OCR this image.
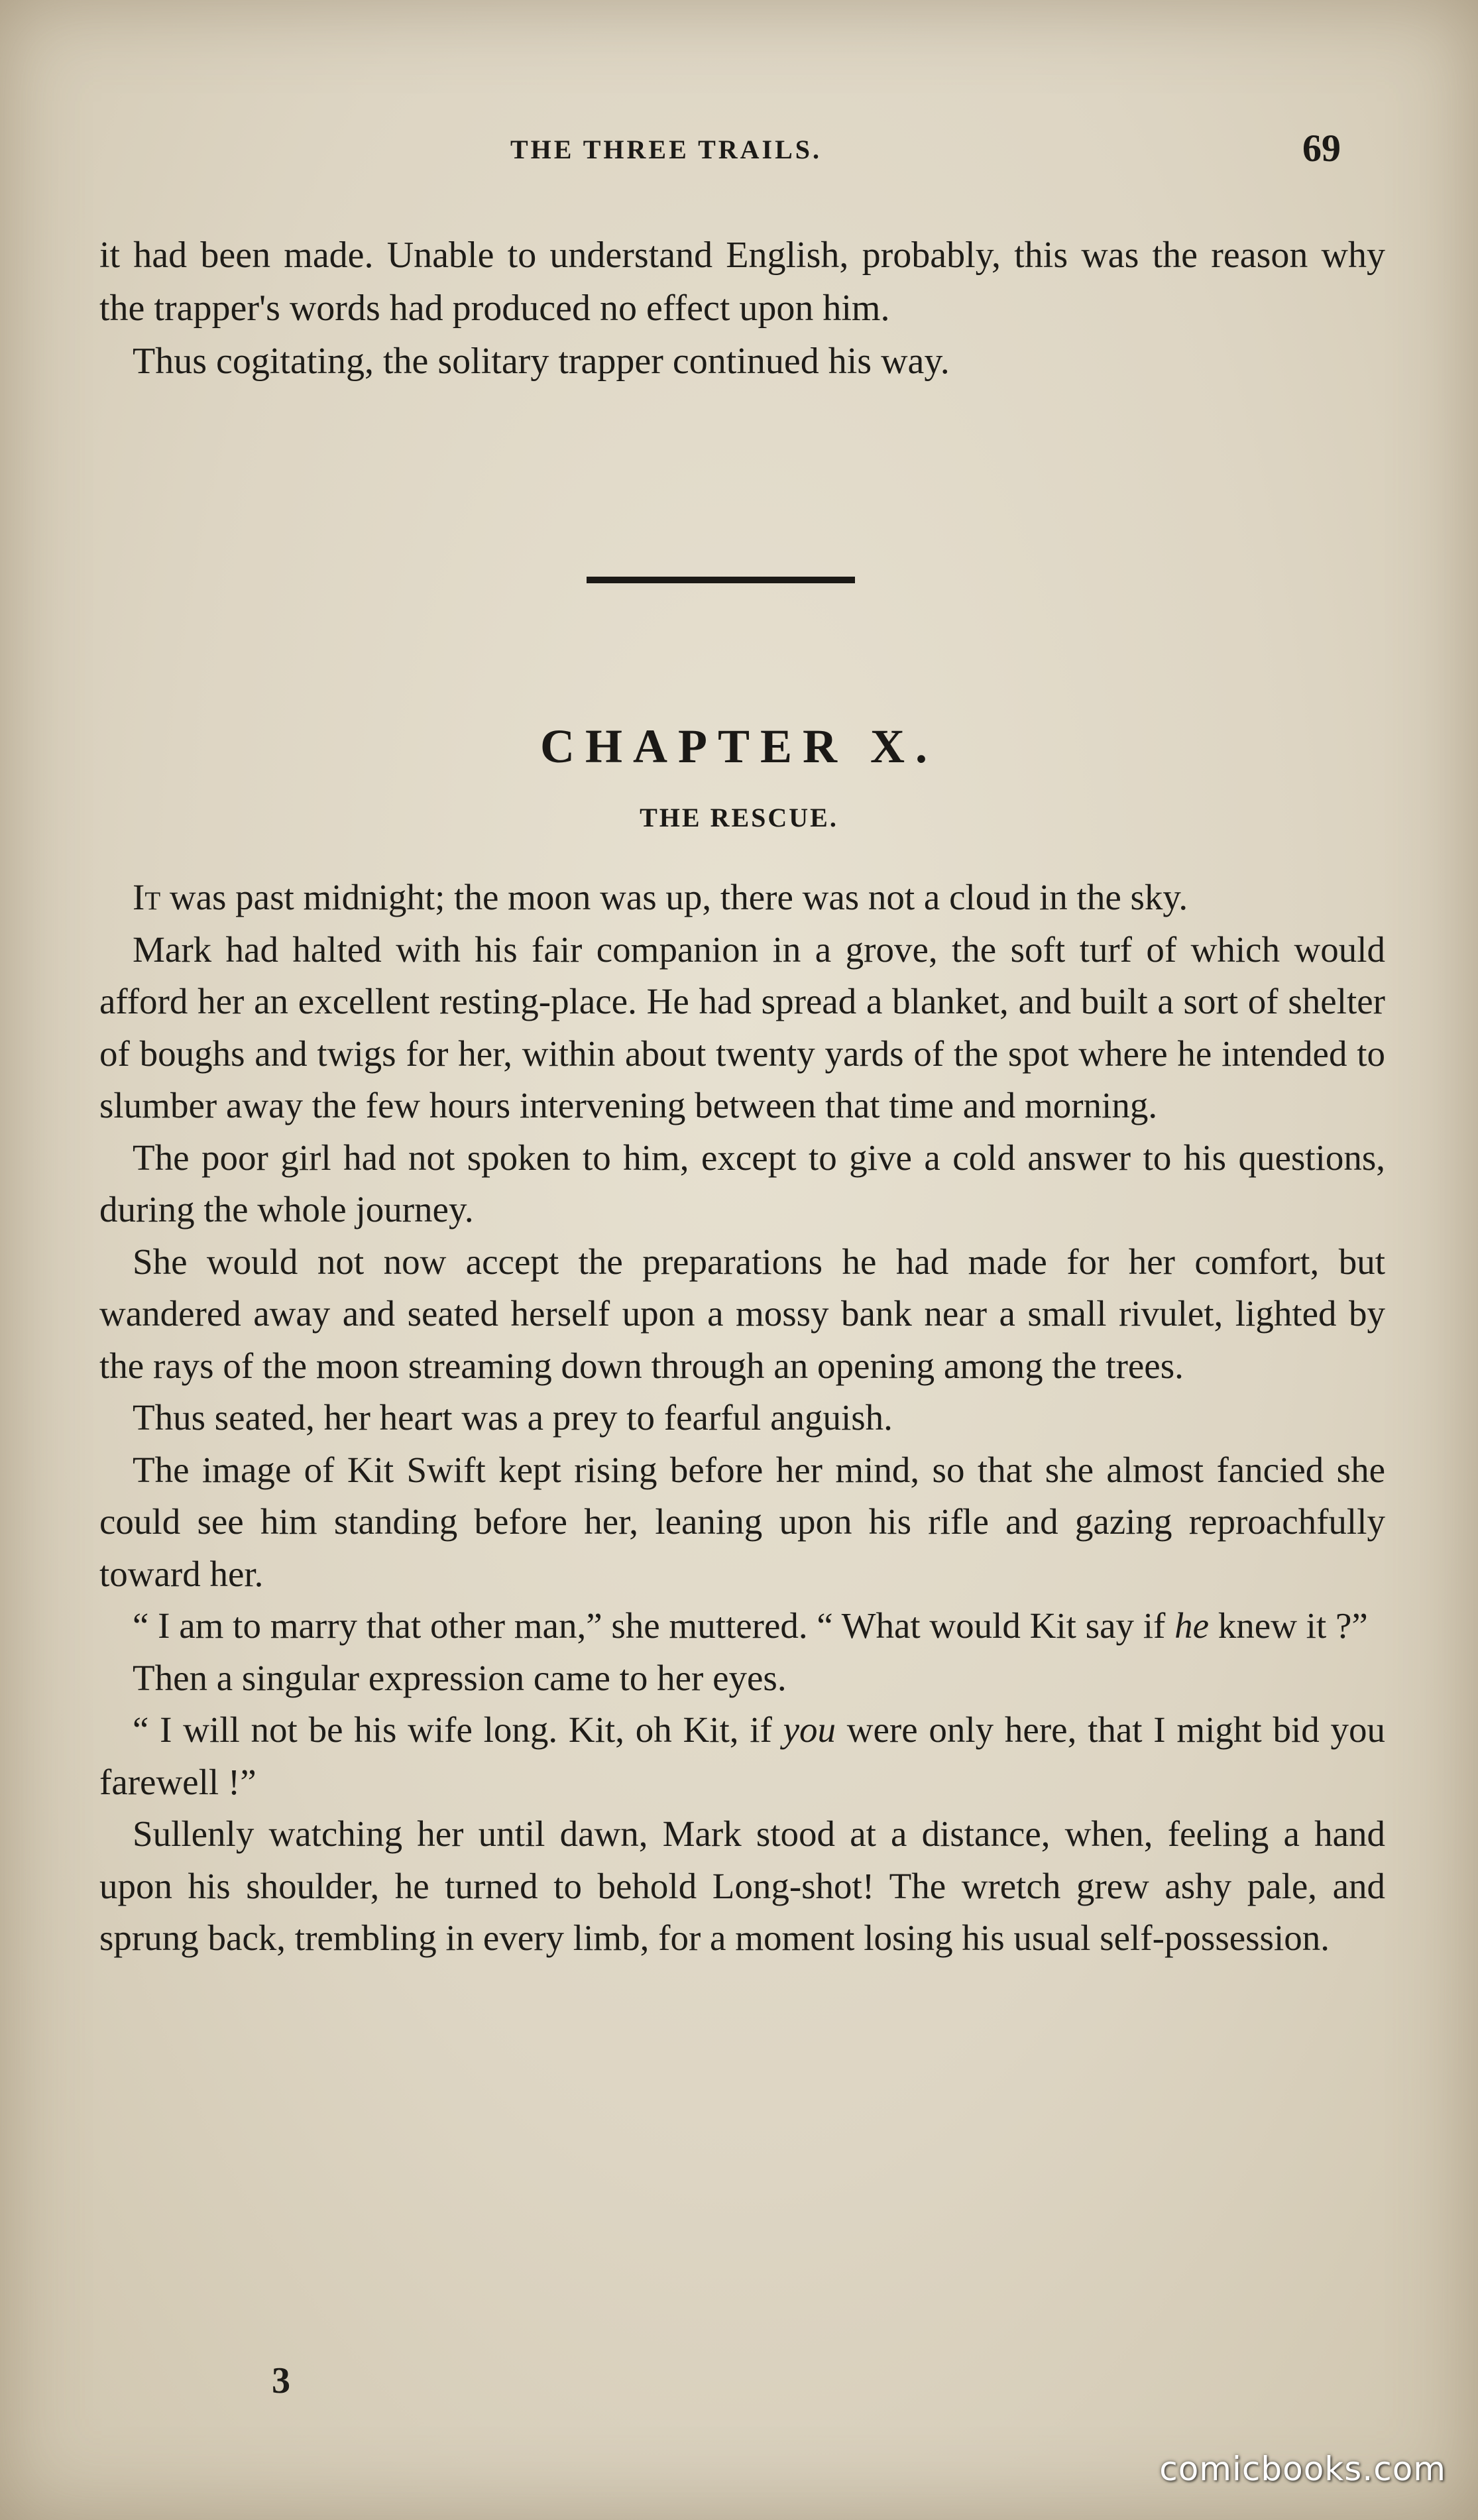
THE THREE TRAILS.	69

it had been made. Unable to understand English, probably, this was the reason why the trapper's words had produced no effect upon him.

Thus cogitating, the solitary trapper continued his way.

CHAPTER X.
THE RESCUE.

It was past midnight; the moon was up, there was not a cloud in the sky.

Mark had halted with his fair companion in a grove, the soft turf of which would afford her an excellent resting-place. He had spread a blanket, and built a sort of shelter of boughs and twigs for her, within about twenty yards of the spot where he intended to slumber away the few hours intervening between that time and morning.

The poor girl had not spoken to him, except to give a cold answer to his questions, during the whole journey.

She would not now accept the preparations he had made for her comfort, but wandered away and seated herself upon a mossy bank near a small rivulet, lighted by the rays of the moon streaming down through an opening among the trees.

Thus seated, her heart was a prey to fearful anguish.

The image of Kit Swift kept rising before her mind, so that she almost fancied she could see him standing before her, leaning upon his rifle and gazing reproachfully toward her.

“ I am to marry that other man,” she muttered. “ What would Kit say if he knew it ?”

Then a singular expression came to her eyes.

“ I will not be his wife long. Kit, oh Kit, if you were only here, that I might bid you farewell !”

Sullenly watching her until dawn, Mark stood at a distance, when, feeling a hand upon his shoulder, he turned to behold Long-shot! The wretch grew ashy pale, and sprung back, trembling in every limb, for a moment losing his usual self-possession.

3
comicbooks.com
